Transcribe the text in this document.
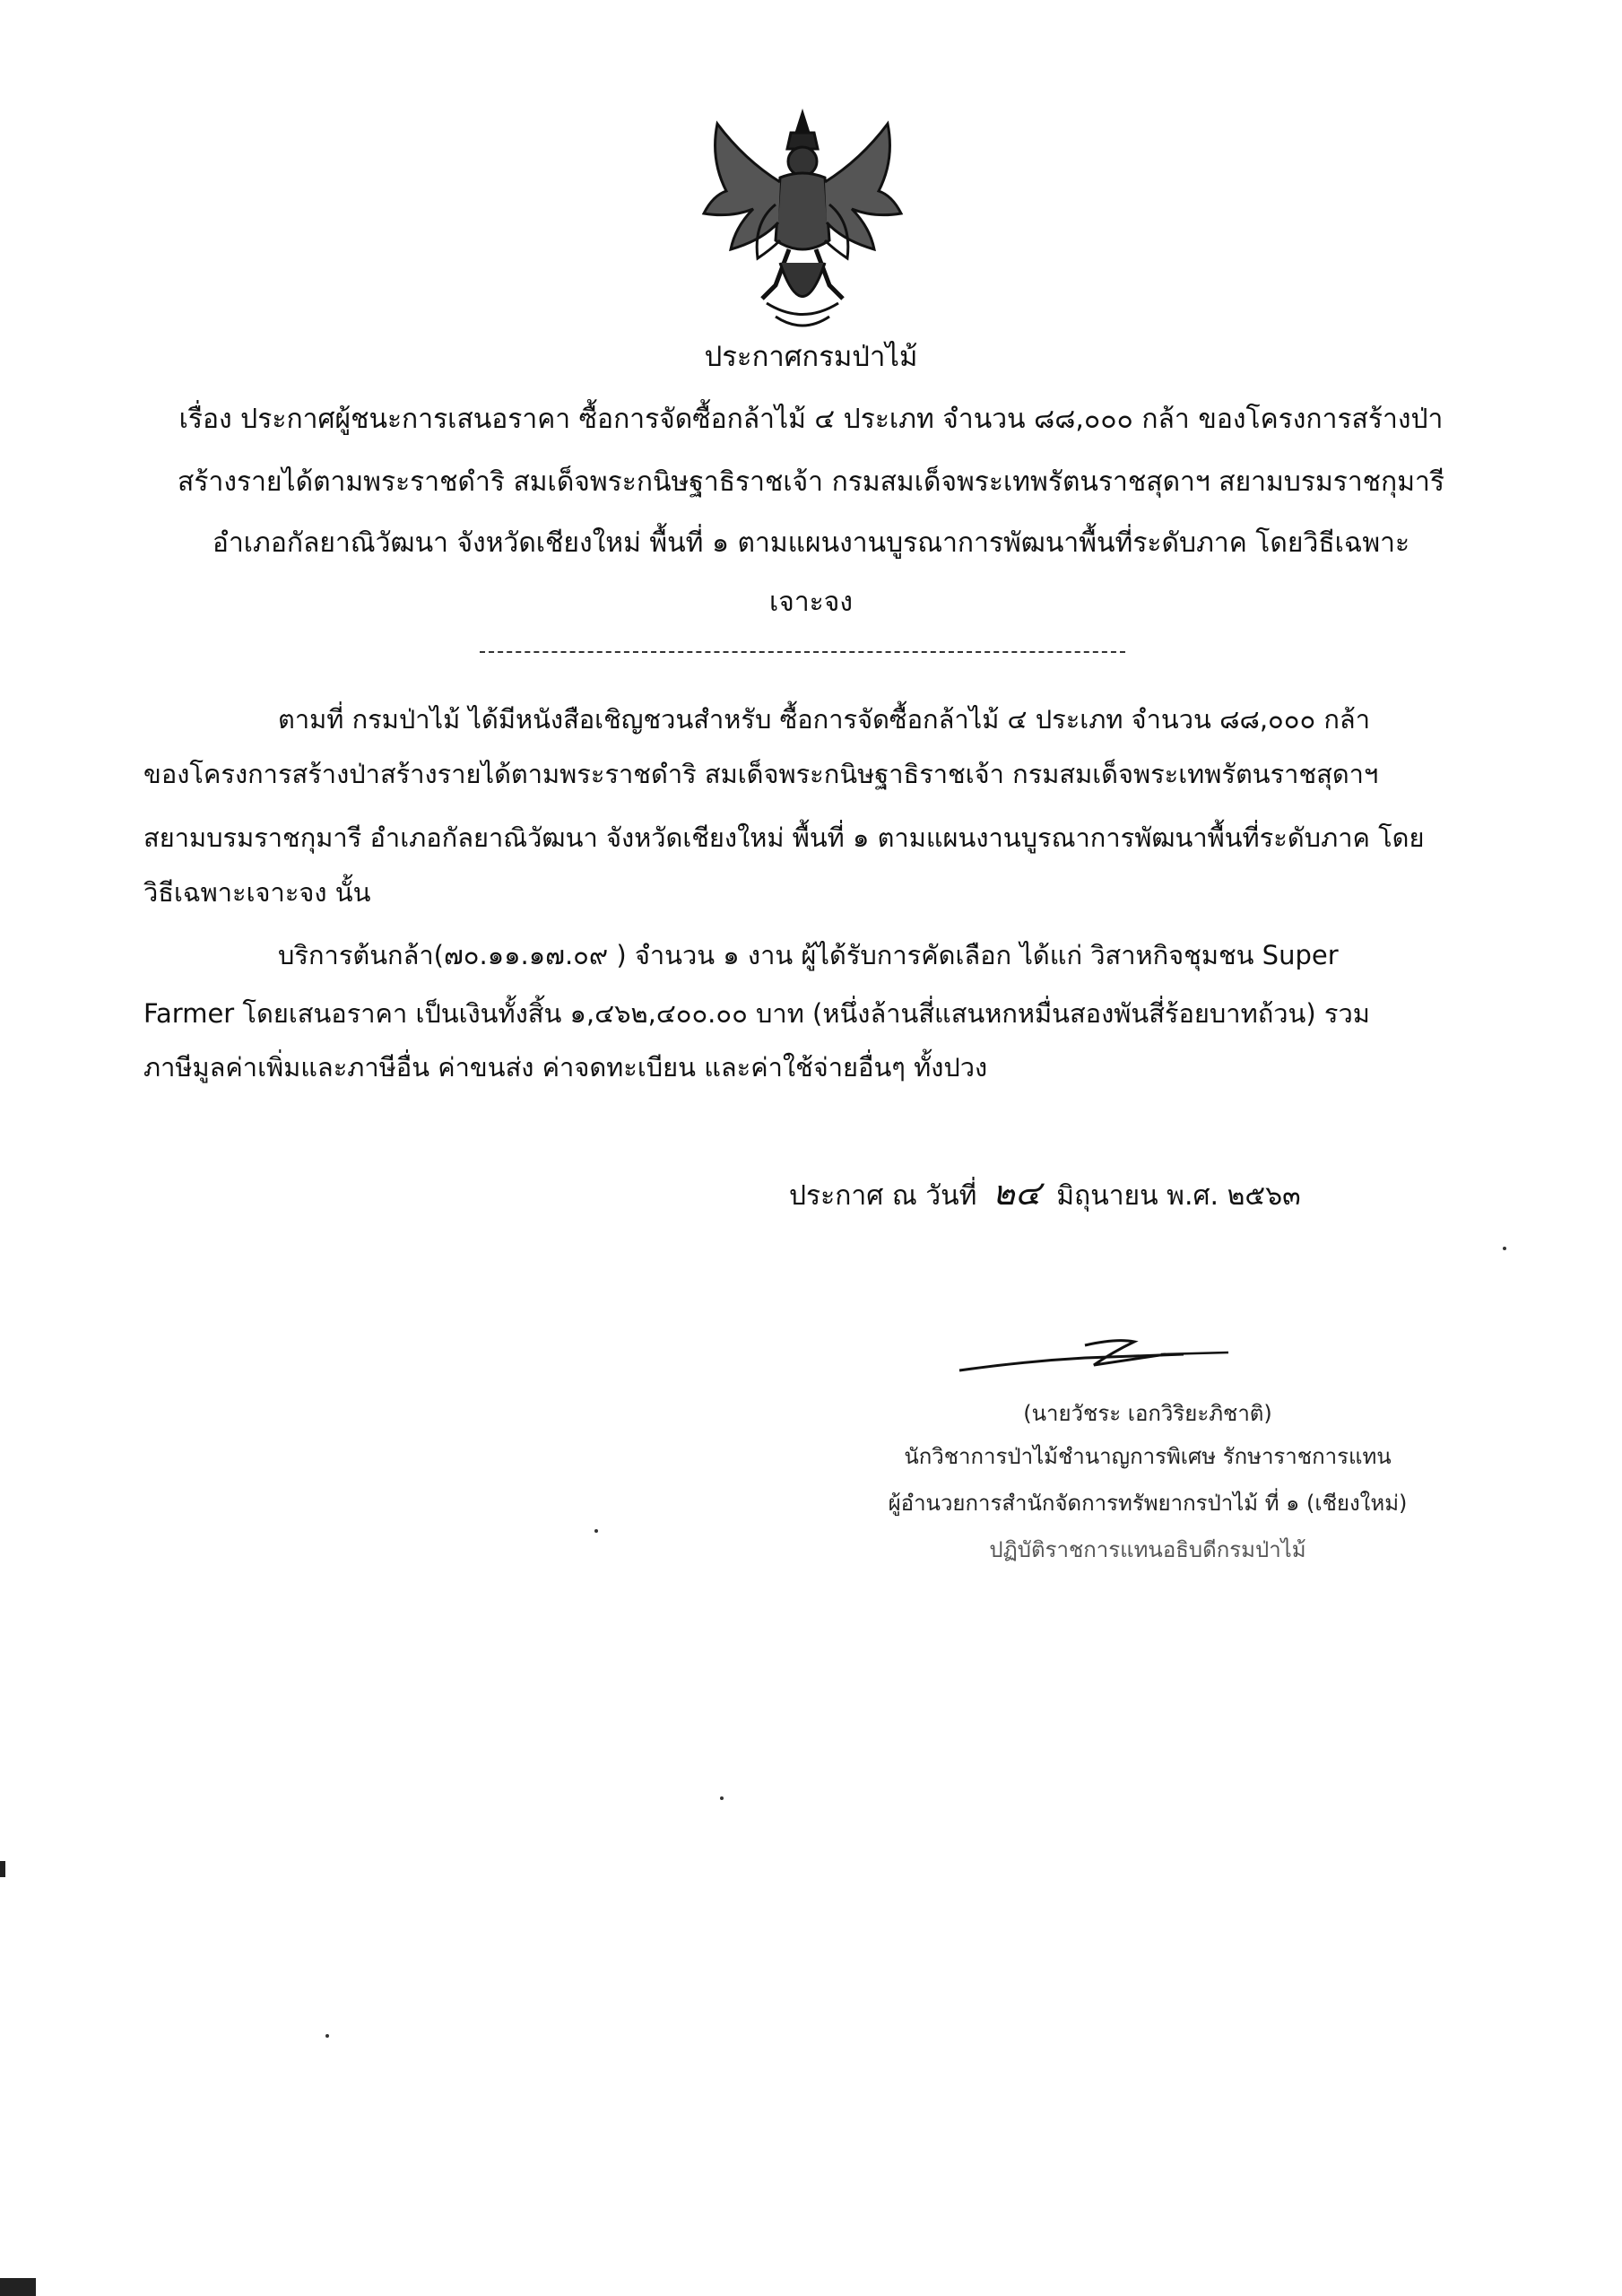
ประกาศกรมป่าไม้
เรื่อง ประกาศผู้ชนะการเสนอราคา ซื้อการจัดซื้อกล้าไม้ ๔ ประเภท จำนวน ๘๘,๐๐๐ กล้า ของโครงการสร้างป่า
สร้างรายได้ตามพระราชดำริ สมเด็จพระกนิษฐาธิราชเจ้า กรมสมเด็จพระเทพรัตนราชสุดาฯ สยามบรมราชกุมารี
อำเภอกัลยาณิวัฒนา จังหวัดเชียงใหม่ พื้นที่ ๑ ตามแผนงานบูรณาการพัฒนาพื้นที่ระดับภาค โดยวิธีเฉพาะ
เจาะจง
ตามที่ กรมป่าไม้ ได้มีหนังสือเชิญชวนสำหรับ ซื้อการจัดซื้อกล้าไม้ ๔ ประเภท จำนวน ๘๘,๐๐๐ กล้า
ของโครงการสร้างป่าสร้างรายได้ตามพระราชดำริ สมเด็จพระกนิษฐาธิราชเจ้า กรมสมเด็จพระเทพรัตนราชสุดาฯ
สยามบรมราชกุมารี อำเภอกัลยาณิวัฒนา จังหวัดเชียงใหม่ พื้นที่ ๑ ตามแผนงานบูรณาการพัฒนาพื้นที่ระดับภาค โดย
วิธีเฉพาะเจาะจง นั้น
บริการต้นกล้า(๗๐.๑๑.๑๗.๐๙ ) จำนวน ๑ งาน ผู้ได้รับการคัดเลือก ได้แก่ วิสาหกิจชุมชน Super
Farmer โดยเสนอราคา เป็นเงินทั้งสิ้น ๑,๔๖๒,๔๐๐.๐๐ บาท (หนึ่งล้านสี่แสนหกหมื่นสองพันสี่ร้อยบาทถ้วน) รวม
ภาษีมูลค่าเพิ่มและภาษีอื่น ค่าขนส่ง ค่าจดทะเบียน และค่าใช้จ่ายอื่นๆ ทั้งปวง
ประกาศ ณ วันที่ ๒๔ มิถุนายน พ.ศ. ๒๕๖๓
(นายวัชระ เอกวิริยะภิชาติ)
นักวิชาการป่าไม้ชำนาญการพิเศษ รักษาราชการแทน
ผู้อำนวยการสำนักจัดการทรัพยากรป่าไม้ ที่ ๑ (เชียงใหม่)
ปฏิบัติราชการแทนอธิบดีกรมป่าไม้
